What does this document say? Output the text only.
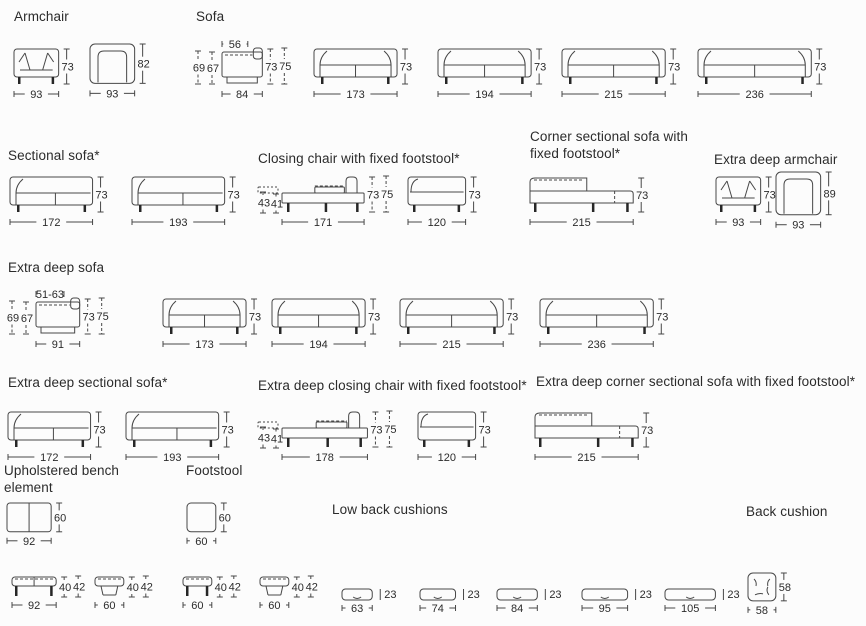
73
93
82
93
56
69 67	73 75
84
73
173
73
194
73
215
73
236
73
172
73
193
43 41
73 75
171
73
120
73
215
73
93
89
93
51-63
69 67	73 75
91
73
173
73
194
73
215
73
236
73
172
73
193
43 41
73 75
178
73
120
73
215
60
92
60
60
40 42
92
40 42
60
40 42
60
40 42
60
23
63
23
74
23
84
23
95
23
105
58
58
Armchair	Sofa
Sectional sofa*	Closing chair with fixed footstool*
Corner sectional sofa with fixed footstool*	Extra deep armchair
Extra deep sofa
Extra deep sectional sofa*	Extra deep closing chair with fixed footstool* Extra deep corner sectional sofa with fixed footstool*
Upholstered bench element
Footstool
Low back cushions	Back cushion
